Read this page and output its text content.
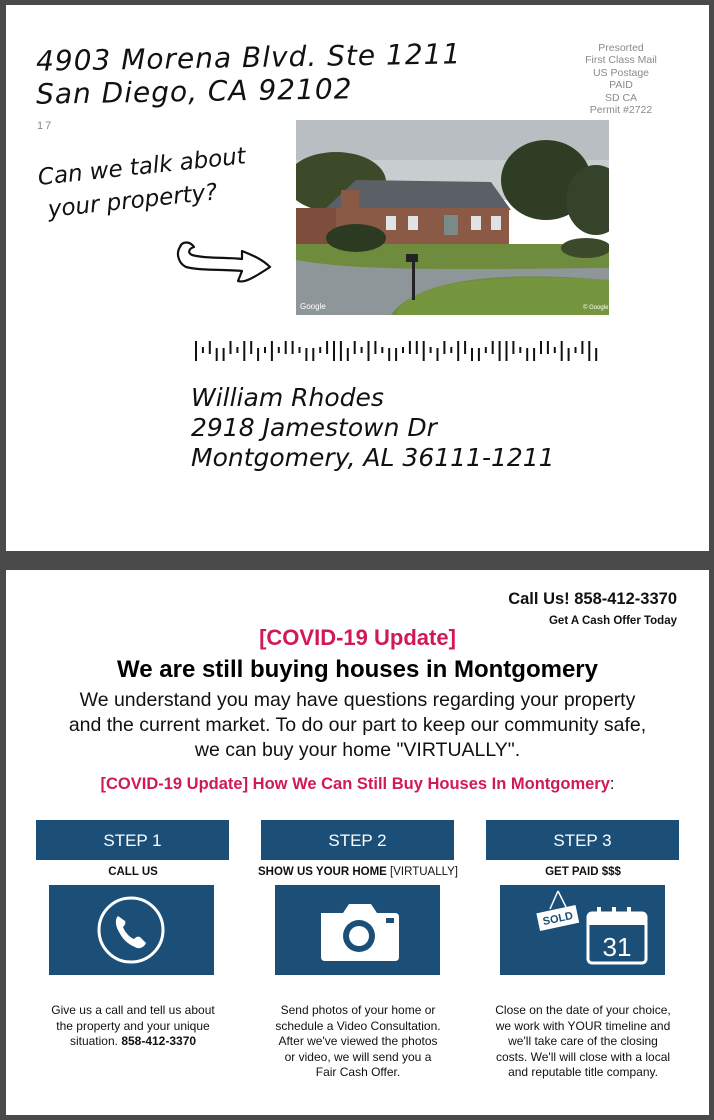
4903 Morena Blvd. Ste 1211
San Diego, CA 92102
17
Presorted
First Class Mail
US Postage
PAID
SD CA
Permit #2722
Can we talk about
your property?
Google	© Google
William Rhodes
2918 Jamestown Dr
Montgomery, AL 36111-1211
Call Us! 858-412-3370
Get A Cash Offer Today
[COVID-19 Update]
We are still buying houses in Montgomery
We understand you may have questions regarding your property
and the current market. To do our part to keep our community safe,
we can buy your home "VIRTUALLY".
[COVID-19 Update] How We Can Still Buy Houses In Montgomery:
STEP 1
CALL US
Give us a call and tell us about
the property and your unique
situation. 858-412-3370
STEP 2
SHOW US YOUR HOME [VIRTUALLY]
Send photos of your home or
schedule a Video Consultation.
After we've viewed the photos
or video, we will send you a
Fair Cash Offer.
STEP 3
GET PAID $$$
SOLD
31
Close on the date of your choice,
we work with YOUR timeline and
we'll take care of the closing
costs. We'll will close with a local
and reputable title company.
